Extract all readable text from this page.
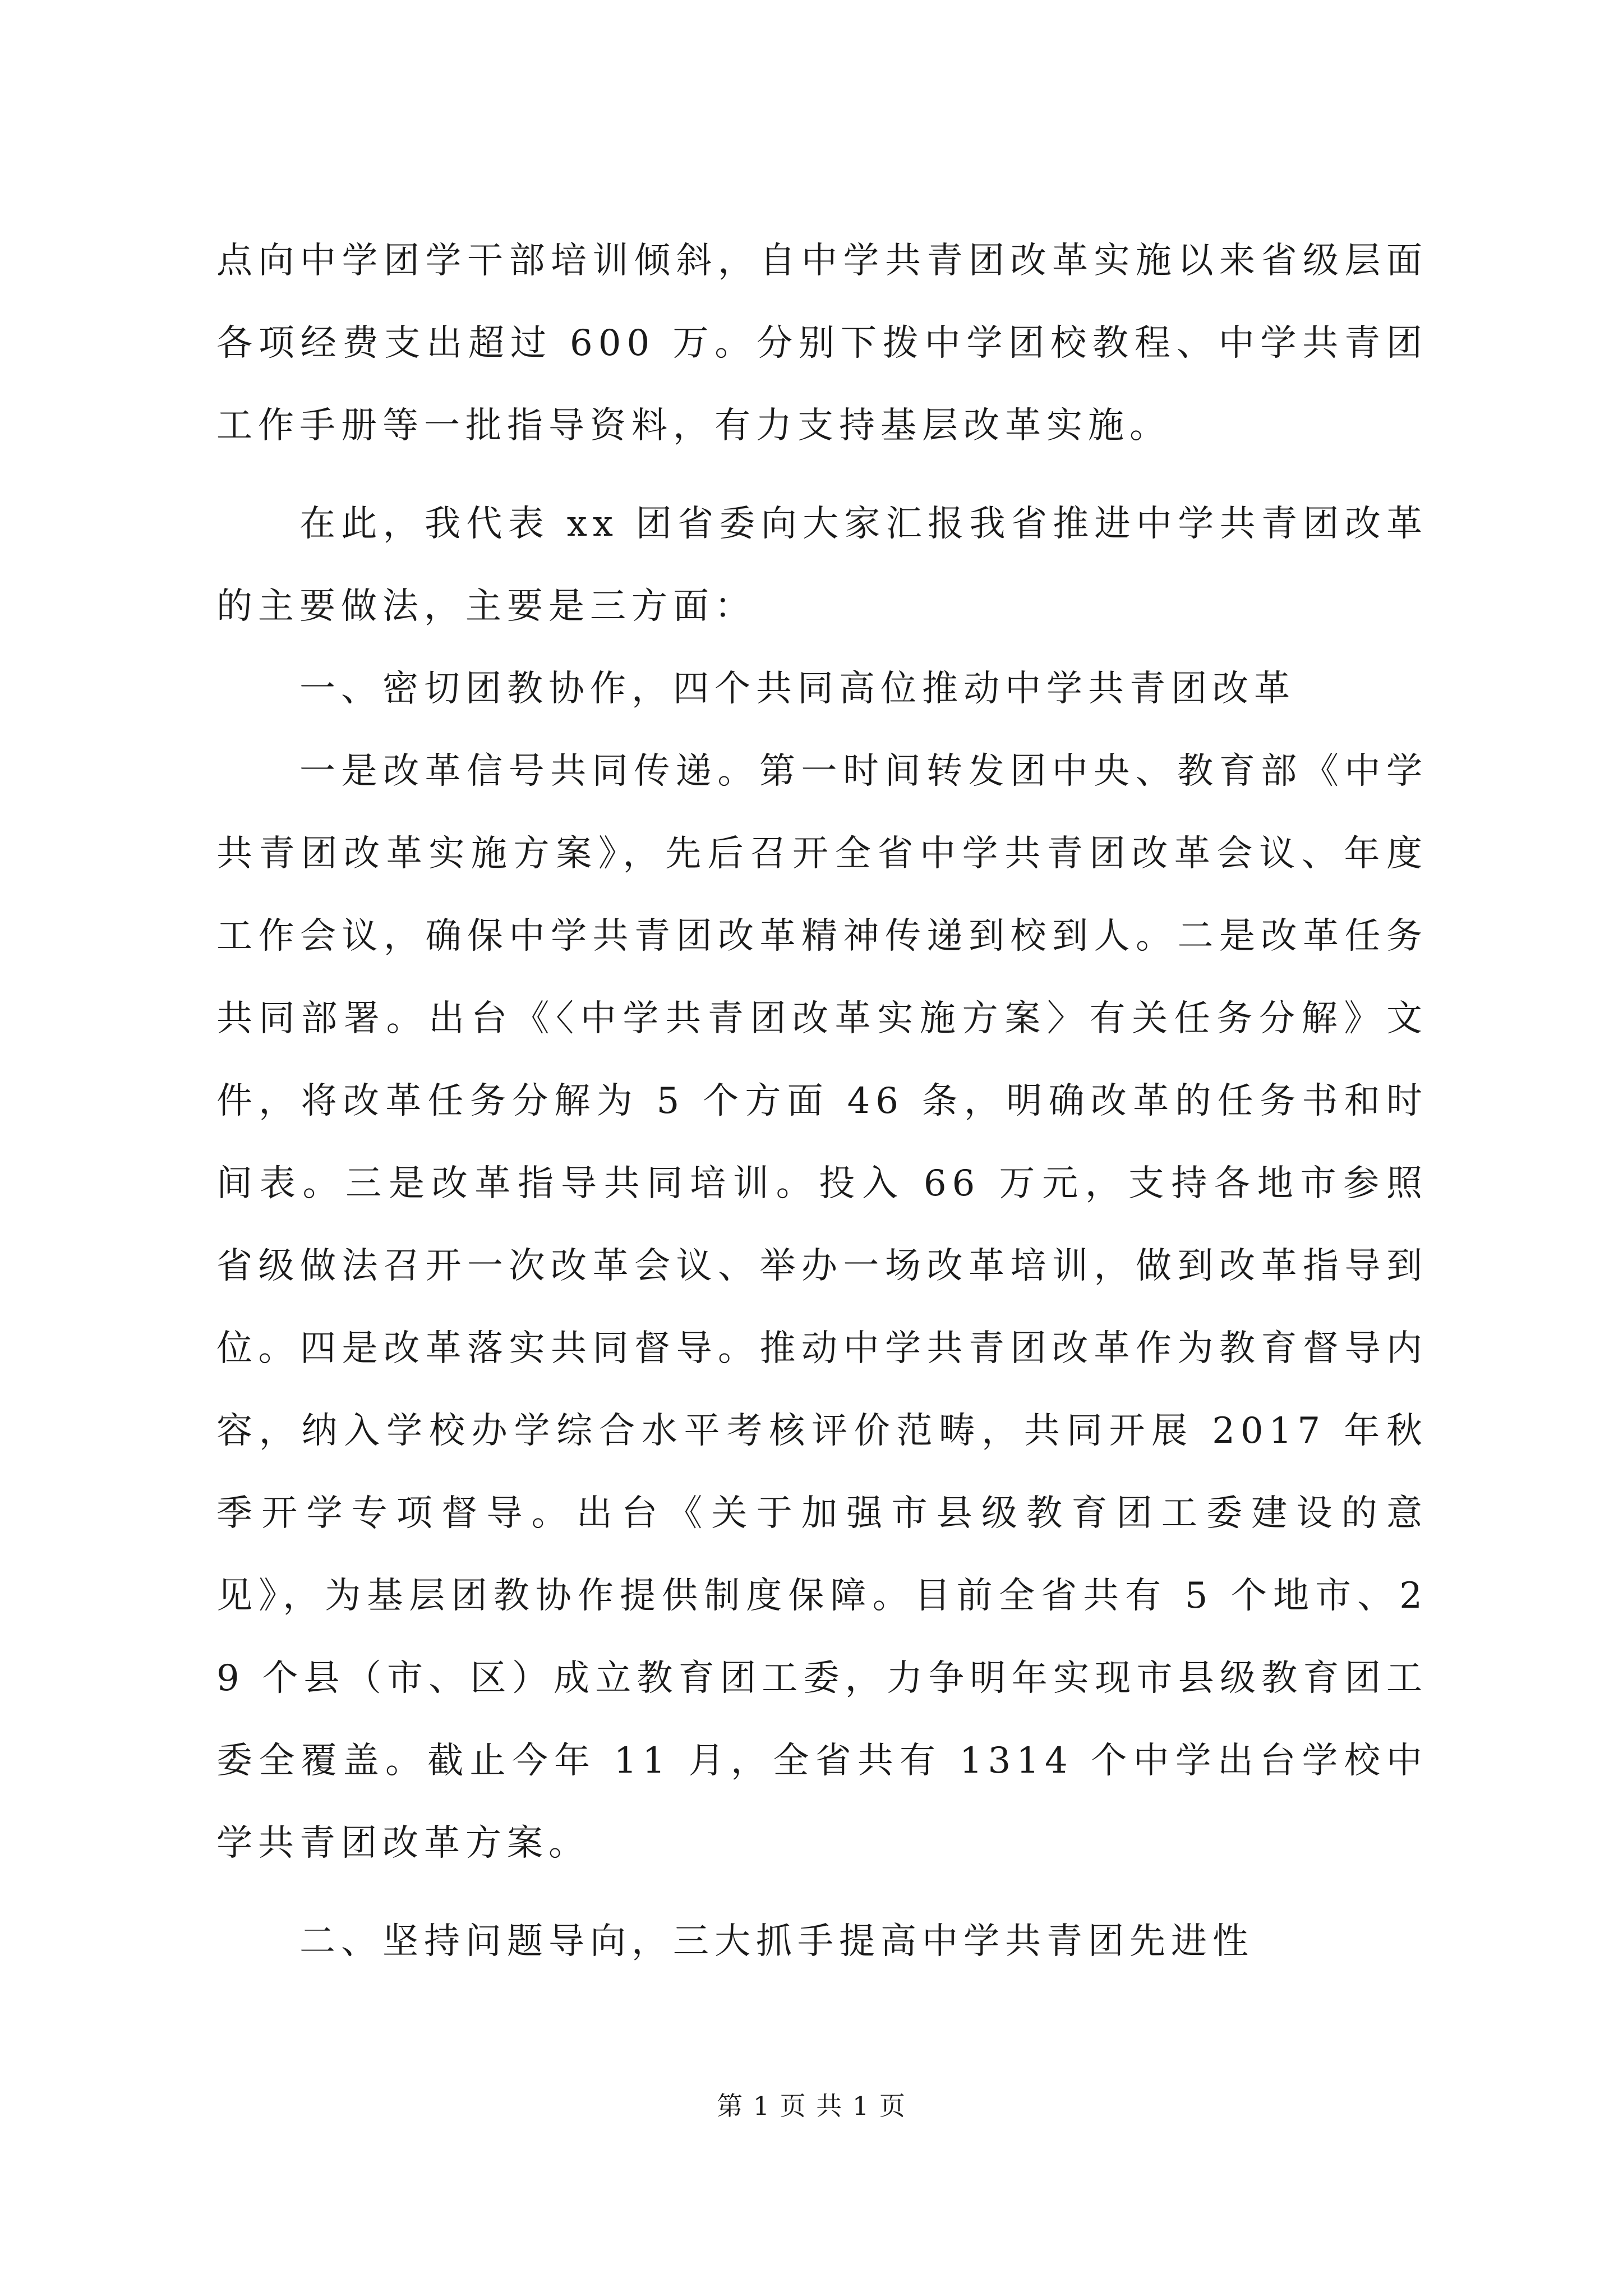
点向中学团学干部培训倾斜，自中学共青团改革实施以来省级层面各项经费支出超过 600 万。分别下拨中学团校教程、中学共青团工作手册等一批指导资料，有力支持基层改革实施。

在此，我代表 xx 团省委向大家汇报我省推进中学共青团改革的主要做法，主要是三方面：

一、密切团教协作，四个共同高位推动中学共青团改革

一是改革信号共同传递。第一时间转发团中央、教育部《中学共青团改革实施方案》，先后召开全省中学共青团改革会议、年度工作会议，确保中学共青团改革精神传递到校到人。二是改革任务共同部署。出台《〈中学共青团改革实施方案〉有关任务分解》文件，将改革任务分解为 5 个方面 46 条，明确改革的任务书和时间表。三是改革指导共同培训。投入 66 万元，支持各地市参照省级做法召开一次改革会议、举办一场改革培训，做到改革指导到位。四是改革落实共同督导。推动中学共青团改革作为教育督导内容，纳入学校办学综合水平考核评价范畴，共同开展 2017 年秋季开学专项督导。出台《关于加强市县级教育团工委建设的意见》，为基层团教协作提供制度保障。目前全省共有 5 个地市、29 个县（市、区）成立教育团工委，力争明年实现市县级教育团工委全覆盖。截止今年 11 月，全省共有 1314 个中学出台学校中学共青团改革方案。

二、坚持问题导向，三大抓手提高中学共青团先进性

第 1 页 共 1 页
